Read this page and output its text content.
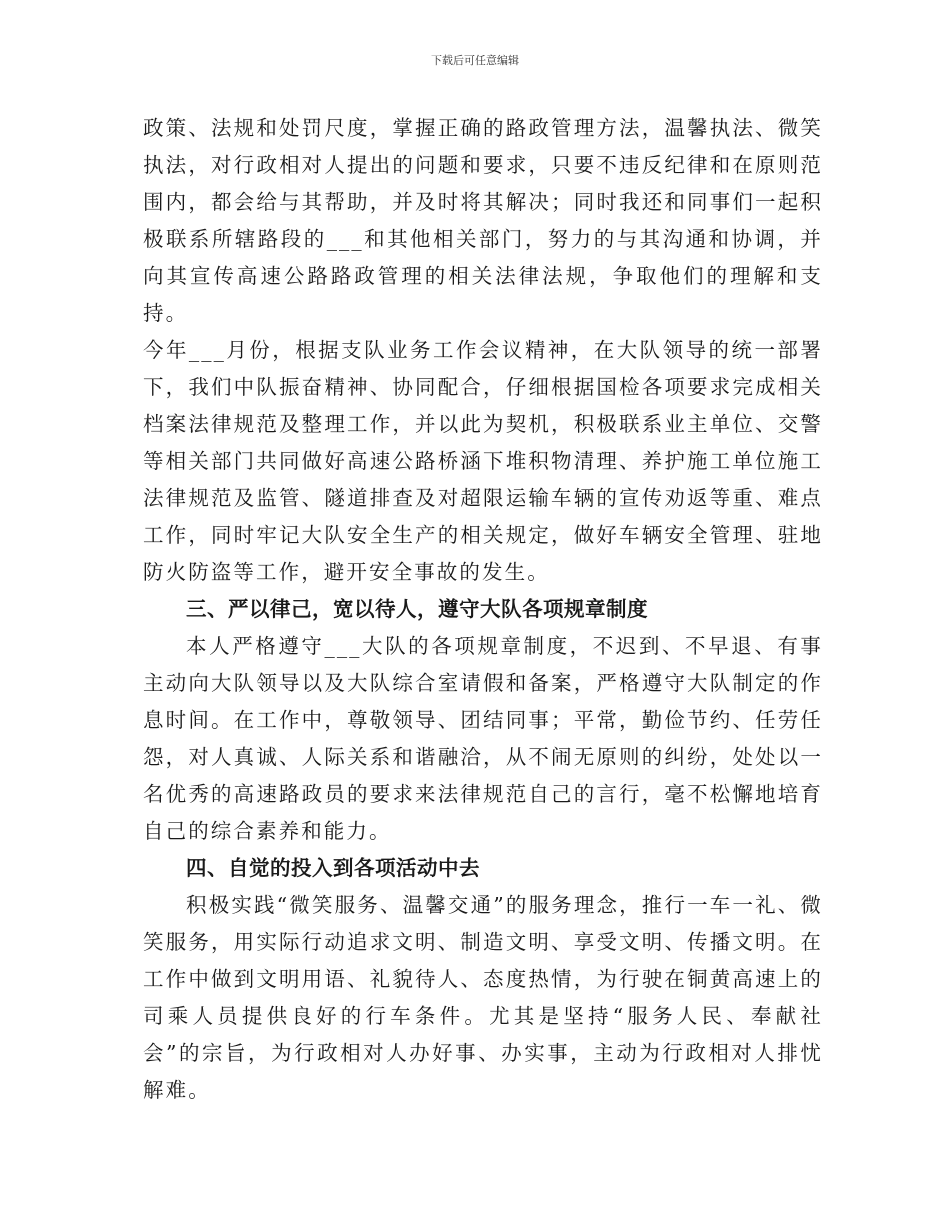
下载后可任意编辑

政策、法规和处罚尺度，掌握正确的路政管理方法，温馨执法、微笑执法，对行政相对人提出的问题和要求，只要不违反纪律和在原则范围内，都会给与其帮助，并及时将其解决；同时我还和同事们一起积极联系所辖路段的___和其他相关部门，努力的与其沟通和协调，并向其宣传高速公路路政管理的相关法律法规，争取他们的理解和支持。

今年___月份，根据支队业务工作会议精神，在大队领导的统一部署下，我们中队振奋精神、协同配合，仔细根据国检各项要求完成相关档案法律规范及整理工作，并以此为契机，积极联系业主单位、交警等相关部门共同做好高速公路桥涵下堆积物清理、养护施工单位施工法律规范及监管、隧道排查及对超限运输车辆的宣传劝返等重、难点工作，同时牢记大队安全生产的相关规定，做好车辆安全管理、驻地防火防盗等工作，避开安全事故的发生。

三、严以律己，宽以待人，遵守大队各项规章制度

本人严格遵守___大队的各项规章制度，不迟到、不早退、有事主动向大队领导以及大队综合室请假和备案，严格遵守大队制定的作息时间。在工作中，尊敬领导、团结同事；平常，勤俭节约、任劳任怨，对人真诚、人际关系和谐融洽，从不闹无原则的纠纷，处处以一名优秀的高速路政员的要求来法律规范自己的言行，毫不松懈地培育自己的综合素养和能力。

四、自觉的投入到各项活动中去

积极实践“微笑服务、温馨交通”的服务理念，推行一车一礼、微笑服务，用实际行动追求文明、制造文明、享受文明、传播文明。在工作中做到文明用语、礼貌待人、态度热情，为行驶在铜黄高速上的司乘人员提供良好的行车条件。尤其是坚持“服务人民、奉献社会”的宗旨，为行政相对人办好事、办实事，主动为行政相对人排忧解难。
